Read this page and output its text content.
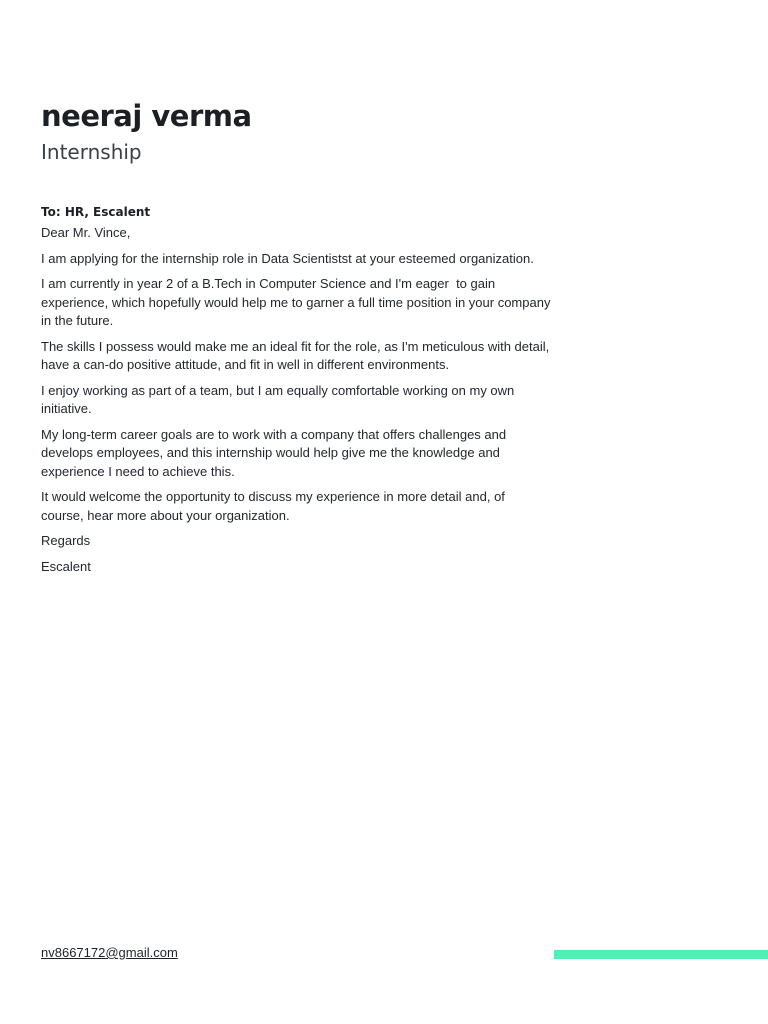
neeraj verma
Internship
To: HR, Escalent

Dear Mr. Vince,

I am applying for the internship role in Data Scientistst at your esteemed organization.

I am currently in year 2 of a B.Tech in Computer Science and I'm eager  to gain experience, which hopefully would help me to garner a full time position in your company in the future.

The skills I possess would make me an ideal fit for the role, as I'm meticulous with detail, have a can-do positive attitude, and fit in well in different environments.

I enjoy working as part of a team, but I am equally comfortable working on my own initiative.

My long-term career goals are to work with a company that offers challenges and develops employees, and this internship would help give me the knowledge and experience I need to achieve this.

It would welcome the opportunity to discuss my experience in more detail and, of course, hear more about your organization.

Regards

Escalent

nv8667172@gmail.com
